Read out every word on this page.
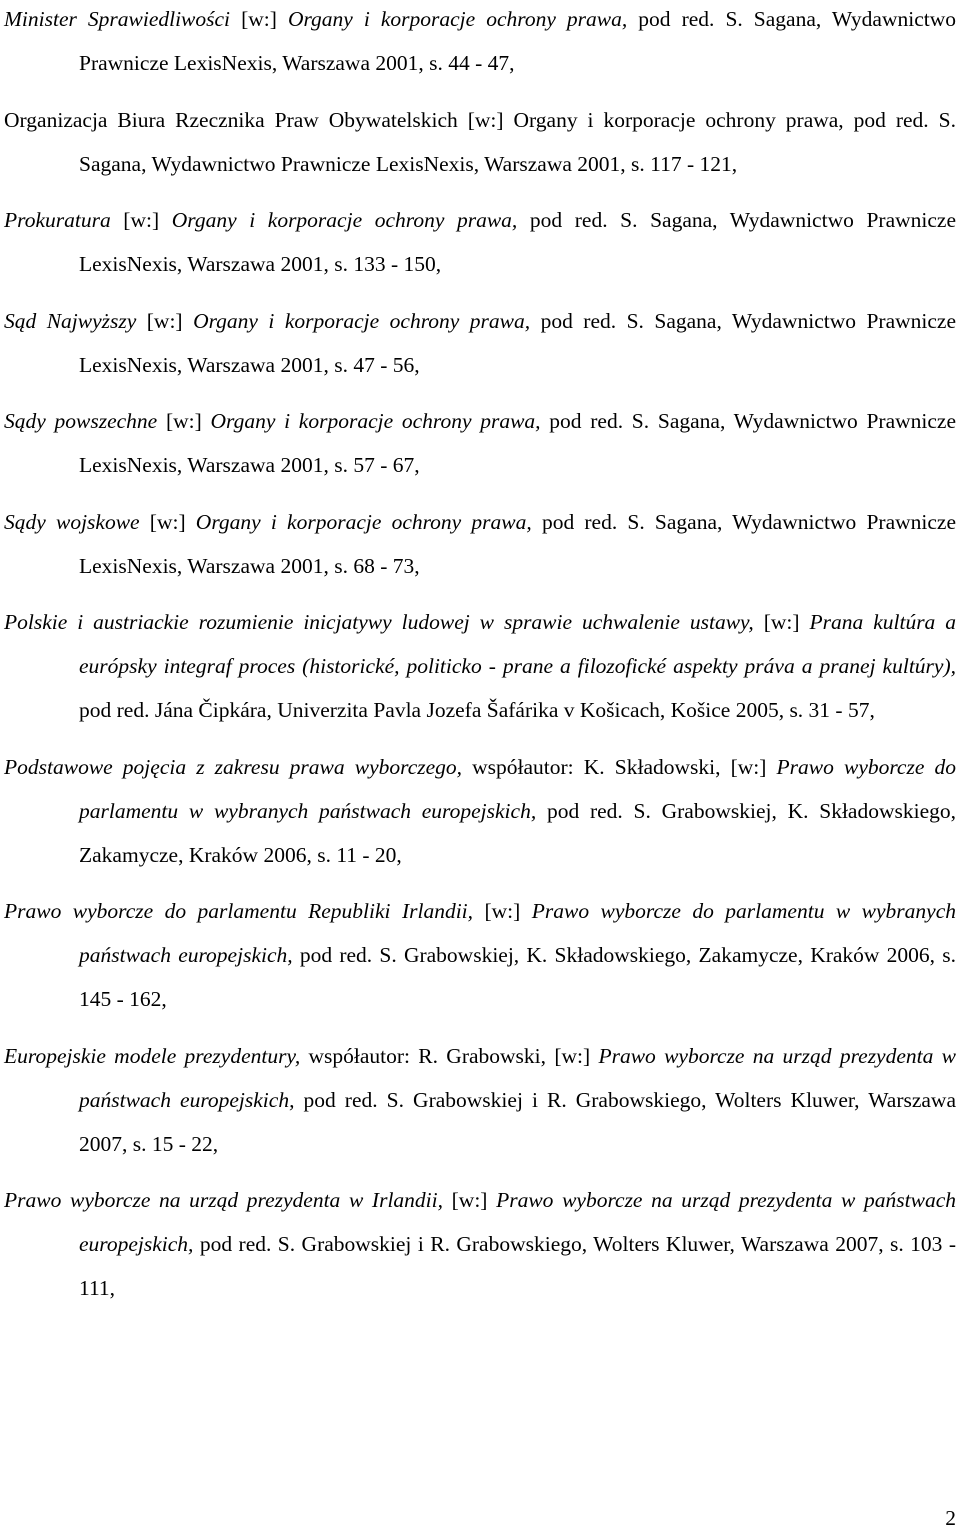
Minister Sprawiedliwości [w:] Organy i korporacje ochrony prawa, pod red. S. Sagana, Wydawnictwo Prawnicze LexisNexis, Warszawa 2001, s. 44 - 47,

Organizacja Biura Rzecznika Praw Obywatelskich [w:] Organy i korporacje ochrony prawa, pod red. S. Sagana, Wydawnictwo Prawnicze LexisNexis, Warszawa 2001, s. 117 - 121,

Prokuratura [w:] Organy i korporacje ochrony prawa, pod red. S. Sagana, Wydawnictwo Prawnicze LexisNexis, Warszawa 2001, s. 133 - 150,

Sąd Najwyższy [w:] Organy i korporacje ochrony prawa, pod red. S. Sagana, Wydawnictwo Prawnicze LexisNexis, Warszawa 2001, s. 47 - 56,

Sądy powszechne [w:] Organy i korporacje ochrony prawa, pod red. S. Sagana, Wydawnictwo Prawnicze LexisNexis, Warszawa 2001, s. 57 - 67,

Sądy wojskowe [w:] Organy i korporacje ochrony prawa, pod red. S. Sagana, Wydawnictwo Prawnicze LexisNexis, Warszawa 2001, s. 68 - 73,

Polskie i austriackie rozumienie inicjatywy ludowej w sprawie uchwalenie ustawy, [w:] Prana kultúra a európsky integraf proces (historické, politicko - prane a filozofické aspekty práva a pranej kultúry), pod red. Jána Čipkára, Univerzita Pavla Jozefa Šafárika v Košicach, Košice 2005, s. 31 - 57,

Podstawowe pojęcia z zakresu prawa wyborczego, współautor: K. Składowski, [w:] Prawo wyborcze do parlamentu w wybranych państwach europejskich, pod red. S. Grabowskiej, K. Składowskiego, Zakamycze, Kraków 2006, s. 11 - 20,

Prawo wyborcze do parlamentu Republiki Irlandii, [w:] Prawo wyborcze do parlamentu w wybranych państwach europejskich, pod red. S. Grabowskiej, K. Składowskiego, Zakamycze, Kraków 2006, s. 145 - 162,

Europejskie modele prezydentury, współautor: R. Grabowski, [w:] Prawo wyborcze na urząd prezydenta w państwach europejskich, pod red. S. Grabowskiej i R. Grabowskiego, Wolters Kluwer, Warszawa 2007, s. 15 - 22,

Prawo wyborcze na urząd prezydenta w Irlandii, [w:] Prawo wyborcze na urząd prezydenta w państwach europejskich, pod red. S. Grabowskiej i R. Grabowskiego, Wolters Kluwer, Warszawa 2007, s. 103 - 111,

2
